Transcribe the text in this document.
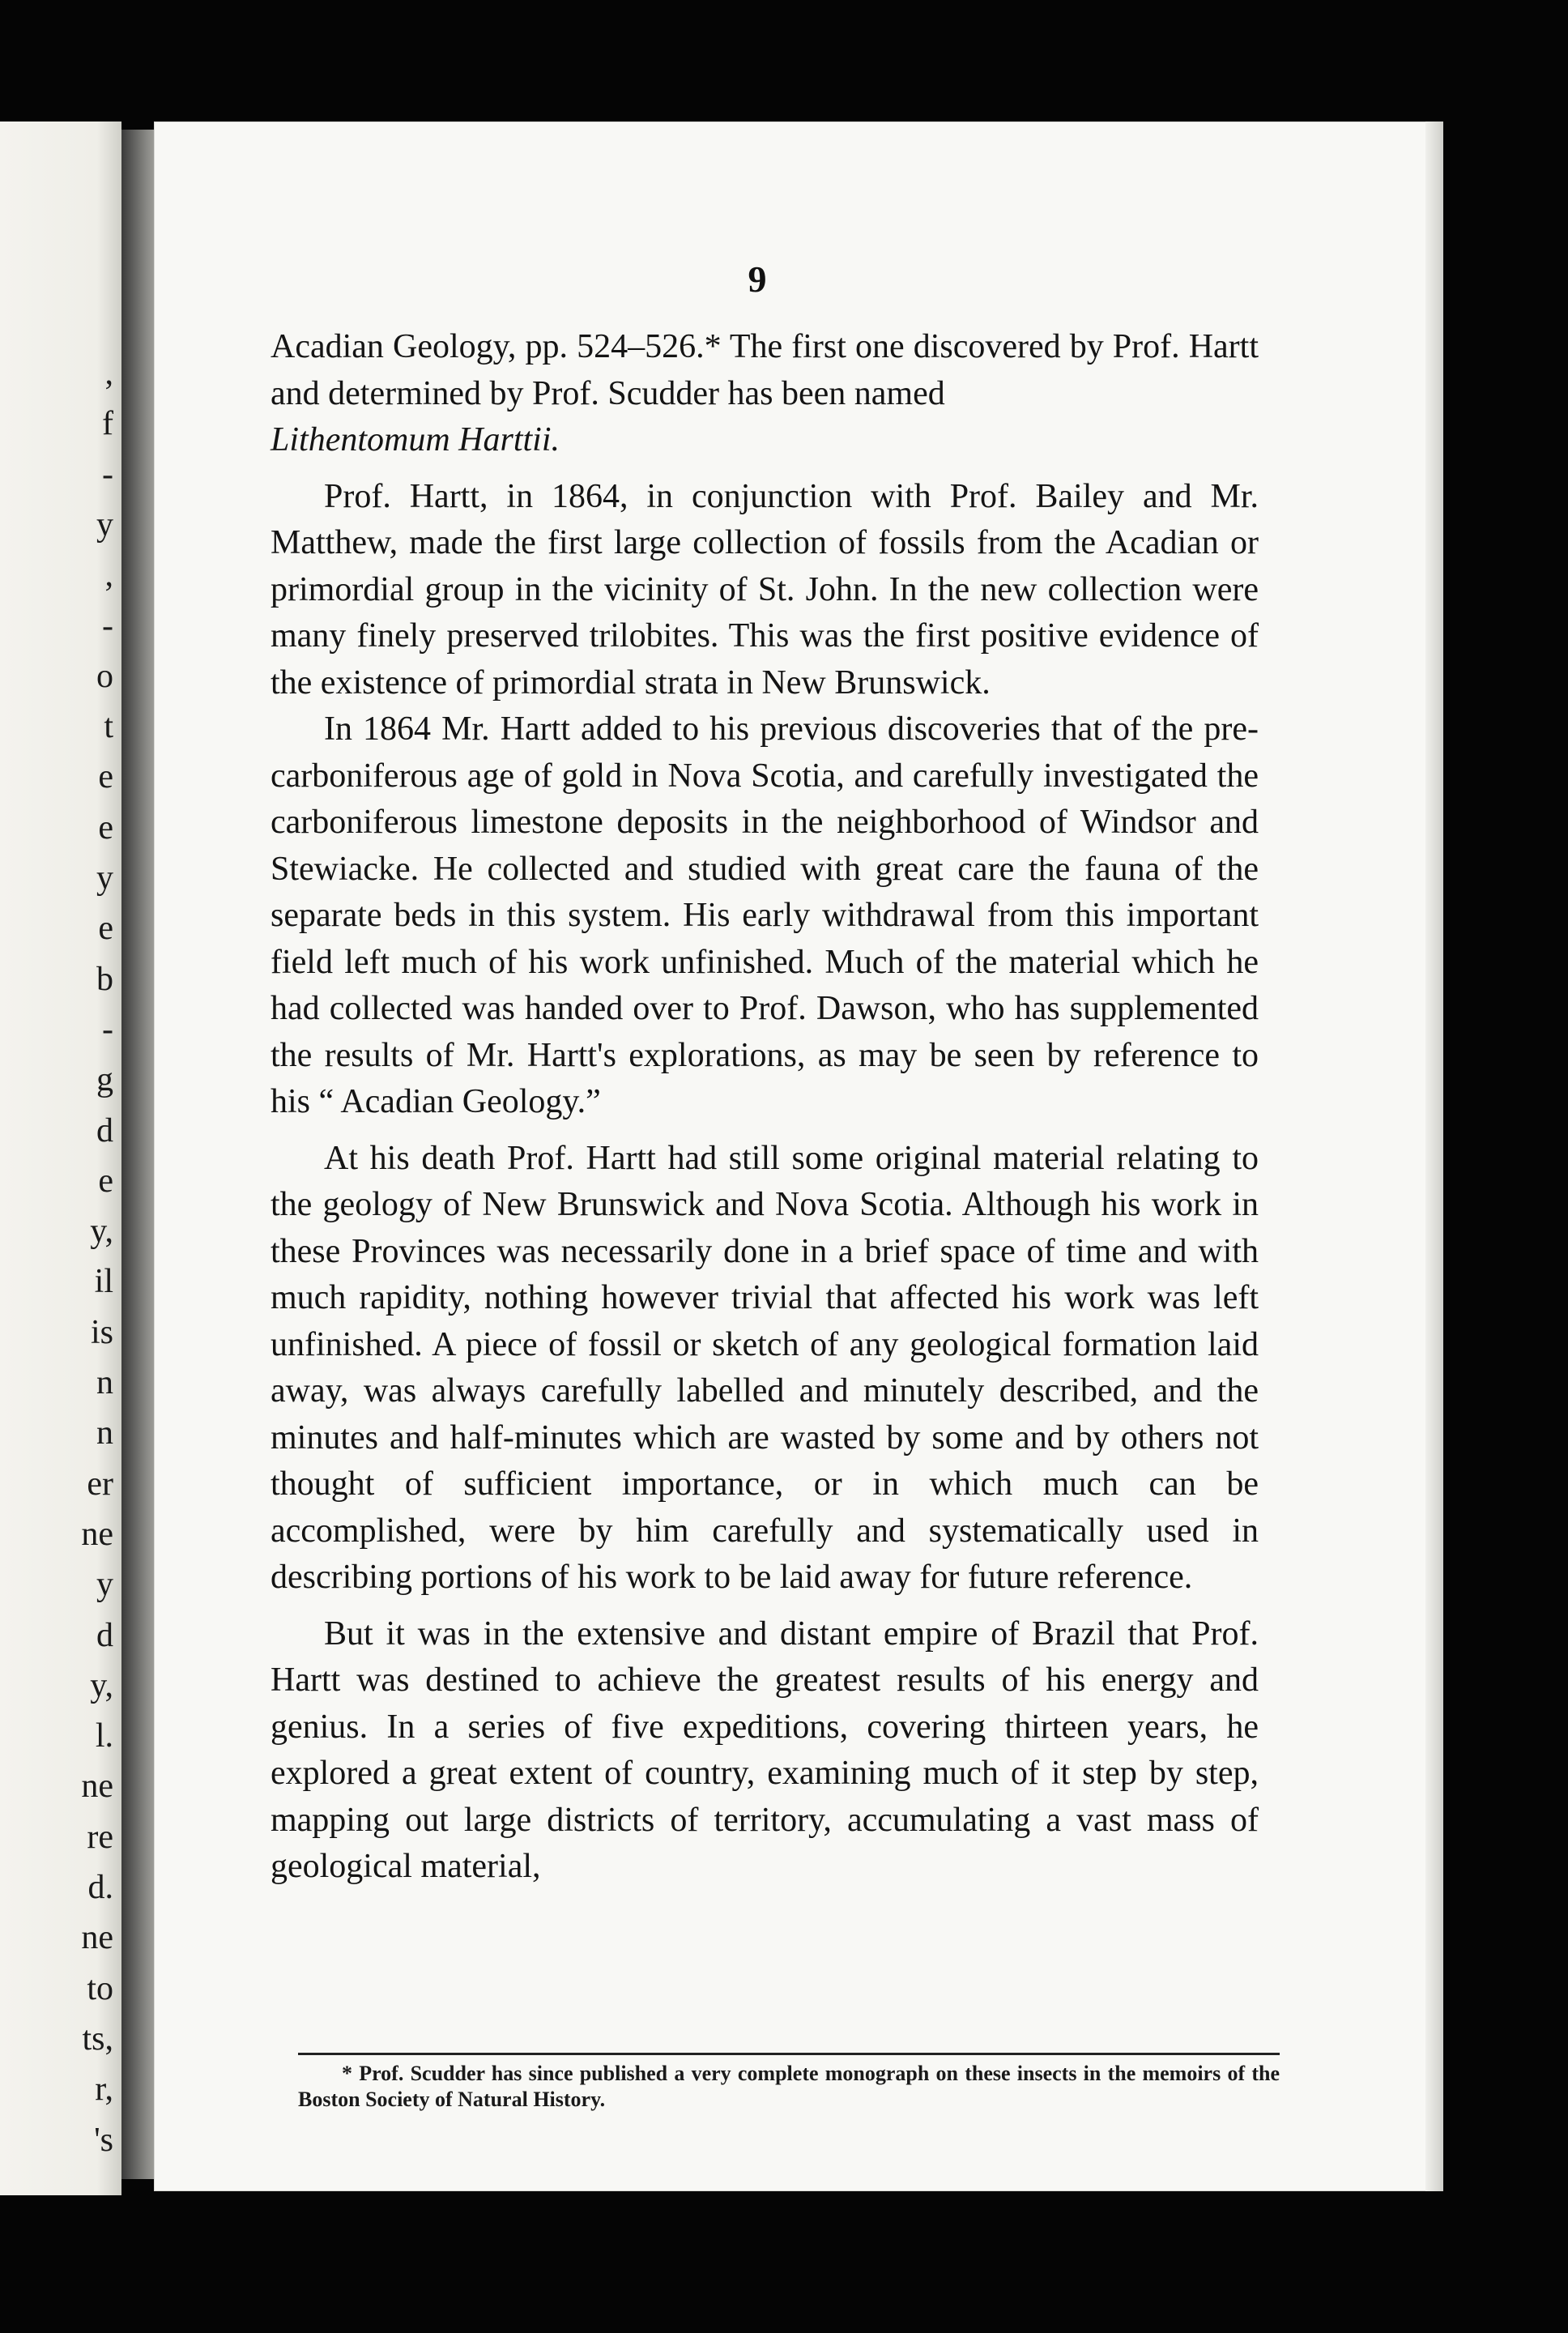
,
f
-
y
,
-
o
t
e
e
y
e
b
-
g
d
e
y,
il
is
n
n
er
ne
y
d
y,
l.
ne
re
d.
ne
to
ts,
r,
's
9

Acadian Geology, pp. 524–526.* The first one discovered by Prof. Hartt and determined by Prof. Scudder has been named
Lithentomum Harttii.

Prof. Hartt, in 1864, in conjunction with Prof. Bailey and Mr. Matthew, made the first large collection of fossils from the Acadian or primordial group in the vicinity of St. John. In the new collection were many finely preserved trilobites. This was the first positive evidence of the existence of primordial strata in New Brunswick.

In 1864 Mr. Hartt added to his previous discoveries that of the pre-carboniferous age of gold in Nova Scotia, and carefully investigated the carboniferous limestone deposits in the neighborhood of Windsor and Stewiacke. He collected and studied with great care the fauna of the separate beds in this system. His early withdrawal from this important field left much of his work unfinished. Much of the material which he had collected was handed over to Prof. Dawson, who has supplemented the results of Mr. Hartt's explorations, as may be seen by reference to his “ Acadian Geology.”

At his death Prof. Hartt had still some original material relating to the geology of New Brunswick and Nova Scotia. Although his work in these Provinces was necessarily done in a brief space of time and with much rapidity, nothing however trivial that affected his work was left unfinished. A piece of fossil or sketch of any geological formation laid away, was always carefully labelled and minutely described, and the minutes and half-minutes which are wasted by some and by others not thought of sufficient importance, or in which much can be accomplished, were by him carefully and systematically used in describing portions of his work to be laid away for future reference.

But it was in the extensive and distant empire of Brazil that Prof. Hartt was destined to achieve the greatest results of his energy and genius. In a series of five expeditions, covering thirteen years, he explored a great extent of country, examining much of it step by step, mapping out large districts of territory, accumulating a vast mass of geological material,

* Prof. Scudder has since published a very complete monograph on these insects in the memoirs of the Boston Society of Natural History.
